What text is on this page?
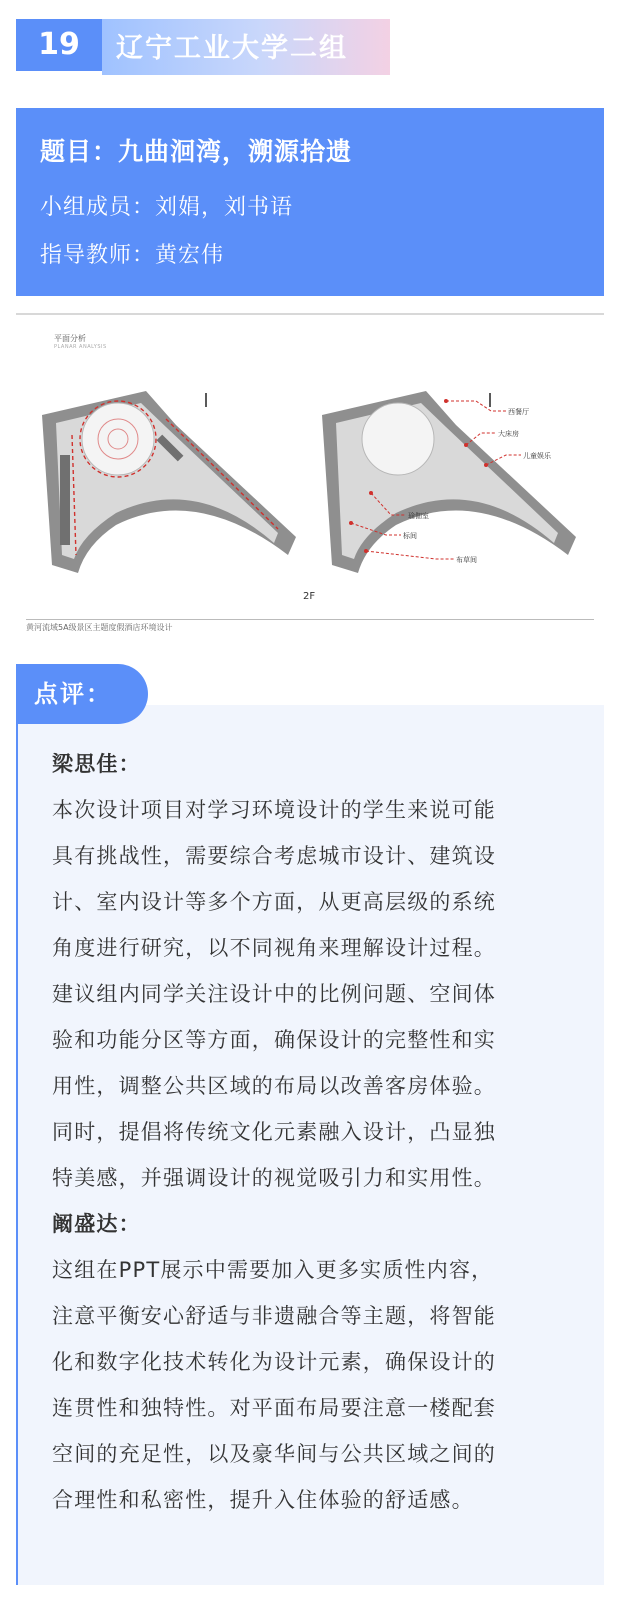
19	辽宁工业大学二组
题目：九曲洄湾，溯源拾遗
小组成员：刘娟，刘书语
指导教师：黄宏伟
西餐厅
大床房
儿童娱乐
瑜伽室
标间
布草间
平面分析
PLANAR ANALYSIS
2F
黄河流域5A级景区主题度假酒店环境设计
点评：
梁思佳：
本次设计项目对学习环境设计的学生来说可能
具有挑战性，需要综合考虑城市设计、建筑设
计、室内设计等多个方面，从更高层级的系统
角度进行研究，以不同视角来理解设计过程。
建议组内同学关注设计中的比例问题、空间体
验和功能分区等方面，确保设计的完整性和实
用性，调整公共区域的布局以改善客房体验。
同时，提倡将传统文化元素融入设计，凸显独
特美感，并强调设计的视觉吸引力和实用性。
阚盛达：
这组在PPT展示中需要加入更多实质性内容，
注意平衡安心舒适与非遗融合等主题，将智能
化和数字化技术转化为设计元素，确保设计的
连贯性和独特性。对平面布局要注意一楼配套
空间的充足性，以及豪华间与公共区域之间的
合理性和私密性，提升入住体验的舒适感。
